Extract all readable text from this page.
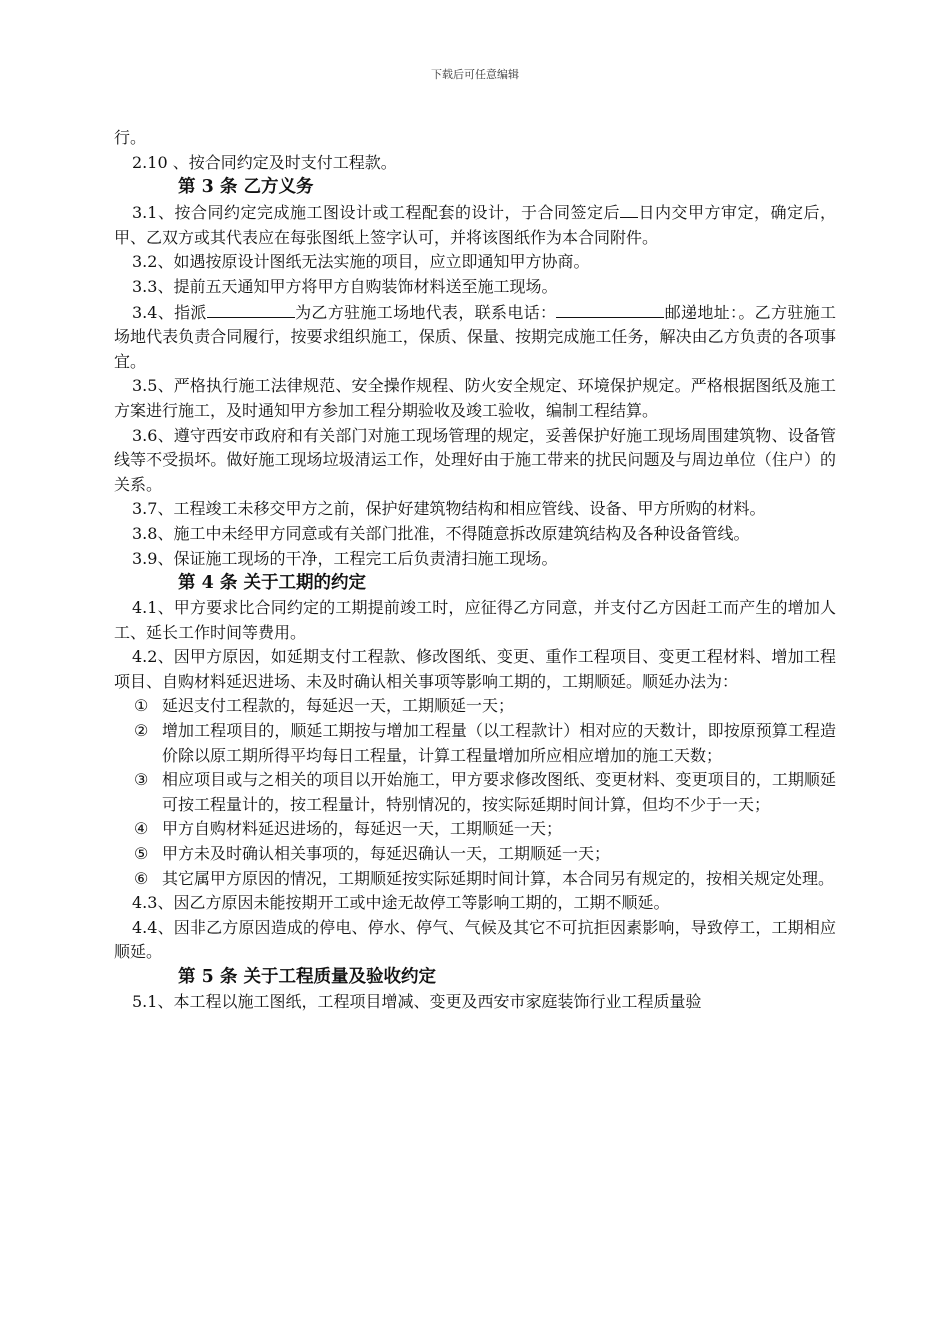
下载后可任意编辑

行。

2.10 、按合同约定及时支付工程款。

第 3 条 乙方义务

3.1、按合同约定完成施工图设计或工程配套的设计，于合同签定后 日内交甲方审定，确定后，甲、乙双方或其代表应在每张图纸上签字认可，并将该图纸作为本合同附件。

3.2、如遇按原设计图纸无法实施的项目，应立即通知甲方协商。

3.3、提前五天通知甲方将甲方自购装饰材料送至施工现场。

3.4、指派	为乙方驻施工场地代表，联系电话：	邮递地址：。乙方驻施工场地代表负责合同履行，按要求组织施工，保质、保量、按期完成施工任务，解决由乙方负责的各项事宜。

3.5、严格执行施工法律规范、安全操作规程、防火安全规定、环境保护规定。严格根据图纸及施工方案进行施工，及时通知甲方参加工程分期验收及竣工验收，编制工程结算。

3.6、遵守西安市政府和有关部门对施工现场管理的规定，妥善保护好施工现场周围建筑物、设备管线等不受损坏。做好施工现场垃圾清运工作，处理好由于施工带来的扰民问题及与周边单位（住户）的关系。

3.7、工程竣工未移交甲方之前，保护好建筑物结构和相应管线、设备、甲方所购的材料。

3.8、施工中未经甲方同意或有关部门批准，不得随意拆改原建筑结构及各种设备管线。

3.9、保证施工现场的干净，工程完工后负责清扫施工现场。

第 4 条 关于工期的约定

4.1、甲方要求比合同约定的工期提前竣工时，应征得乙方同意，并支付乙方因赶工而产生的增加人工、延长工作时间等费用。

4.2、因甲方原因，如延期支付工程款、修改图纸、变更、重作工程项目、变更工程材料、增加工程项目、自购材料延迟进场、未及时确认相关事项等影响工期的，工期顺延。顺延办法为：

① 延迟支付工程款的，每延迟一天，工期顺延一天；

② 增加工程项目的，顺延工期按与增加工程量（以工程款计）相对应的天数计，即按原预算工程造价除以原工期所得平均每日工程量，计算工程量增加所应相应增加的施工天数；

③ 相应项目或与之相关的项目以开始施工，甲方要求修改图纸、变更材料、变更项目的，工期顺延可按工程量计的，按工程量计，特别情况的，按实际延期时间计算，但均不少于一天；

④ 甲方自购材料延迟进场的，每延迟一天，工期顺延一天；

⑤ 甲方未及时确认相关事项的，每延迟确认一天，工期顺延一天；

⑥ 其它属甲方原因的情况，工期顺延按实际延期时间计算，本合同另有规定的，按相关规定处理。

4.3、因乙方原因未能按期开工或中途无故停工等影响工期的，工期不顺延。

4.4、因非乙方原因造成的停电、停水、停气、气候及其它不可抗拒因素影响，导致停工，工期相应顺延。

第 5 条 关于工程质量及验收约定

5.1、本工程以施工图纸，工程项目增减、变更及西安市家庭装饰行业工程质量验
